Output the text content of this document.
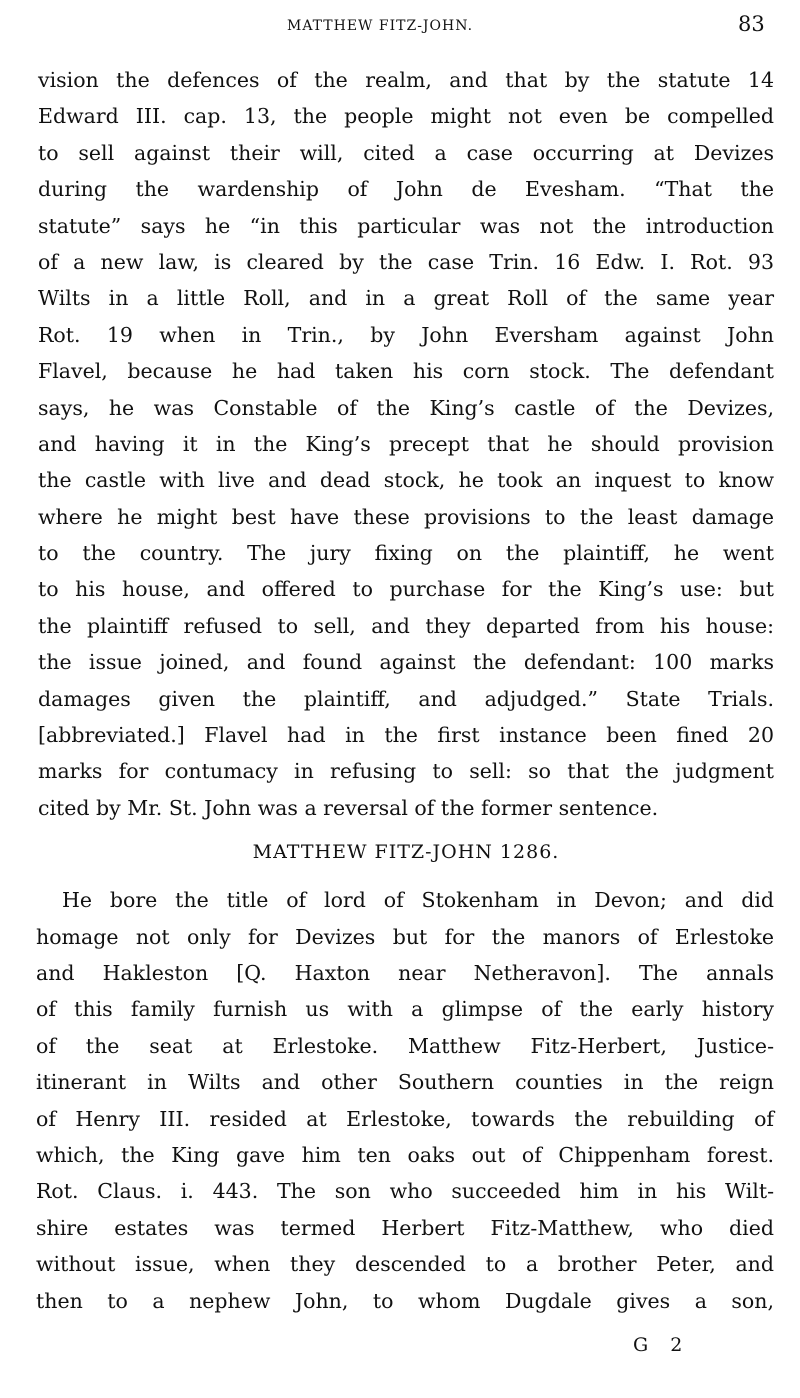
MATTHEW FITZ-JOHN.	83
vision the defences of the realm, and that by the statute 14
Edward III. cap. 13, the people might not even be compelled
to sell against their will, cited a case occurring at Devizes
during the wardenship of John de Evesham. “That the
statute” says he “in this particular was not the introduction
of a new law, is cleared by the case Trin. 16 Edw. I. Rot. 93
Wilts in a little Roll, and in a great Roll of the same year
Rot. 19 when in Trin., by John Eversham against John
Flavel, because he had taken his corn stock. The defendant
says, he was Constable of the King’s castle of the Devizes,
and having it in the King’s precept that he should provision
the castle with live and dead stock, he took an inquest to know
where he might best have these provisions to the least damage
to the country. The jury fixing on the plaintiff, he went
to his house, and offered to purchase for the King’s use: but
the plaintiff refused to sell, and they departed from his house:
the issue joined, and found against the defendant: 100 marks
damages given the plaintiff, and adjudged.” State Trials.
[abbreviated.] Flavel had in the first instance been fined 20
marks for contumacy in refusing to sell: so that the judgment
cited by Mr. St. John was a reversal of the former sentence.
MATTHEW FITZ-JOHN 1286.
He bore the title of lord of Stokenham in Devon; and did
homage not only for Devizes but for the manors of Erlestoke
and Hakleston [Q. Haxton near Netheravon]. The annals
of this family furnish us with a glimpse of the early history
of the seat at Erlestoke. Matthew Fitz-Herbert, Justice-
itinerant in Wilts and other Southern counties in the reign
of Henry III. resided at Erlestoke, towards the rebuilding of
which, the King gave him ten oaks out of Chippenham forest.
Rot. Claus. i. 443. The son who succeeded him in his Wilt-
shire estates was termed Herbert Fitz-Matthew, who died
without issue, when they descended to a brother Peter, and
then to a nephew John, to whom Dugdale gives a son,
G 2
